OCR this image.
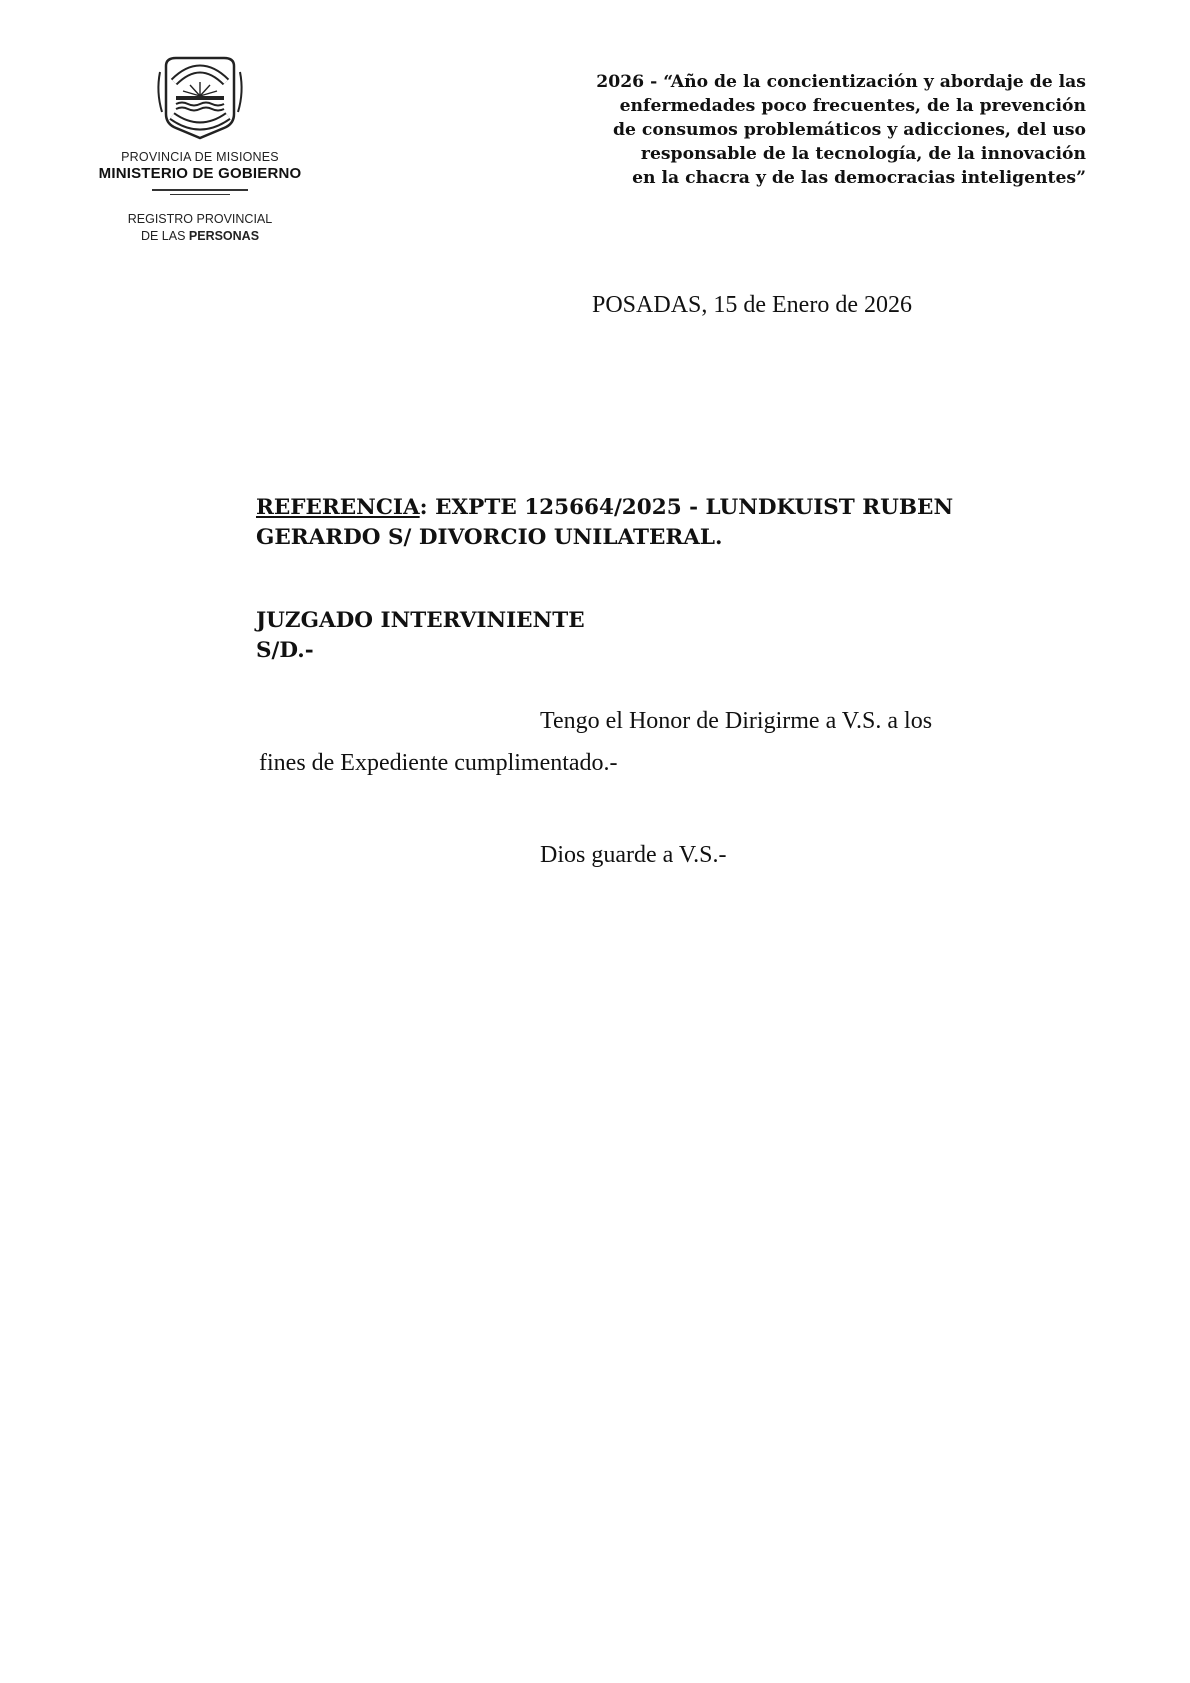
PROVINCIA DE MISIONES
MINISTERIO DE GOBIERNO
REGISTRO PROVINCIAL
DE LAS PERSONAS
2026 - “Año de la concientización y abordaje de las
enfermedades poco frecuentes, de la prevención
de consumos problemáticos y adicciones, del uso
responsable de la tecnología, de la innovación
en la chacra y de las democracias inteligentes”
POSADAS, 15 de Enero de 2026
REFERENCIA: EXPTE 125664/2025 - LUNDKUIST RUBEN
GERARDO S/ DIVORCIO UNILATERAL.
JUZGADO INTERVINIENTE
S/D.-
Tengo el Honor de Dirigirme a V.S. a los
fines de Expediente cumplimentado.-
Dios guarde a V.S.-
